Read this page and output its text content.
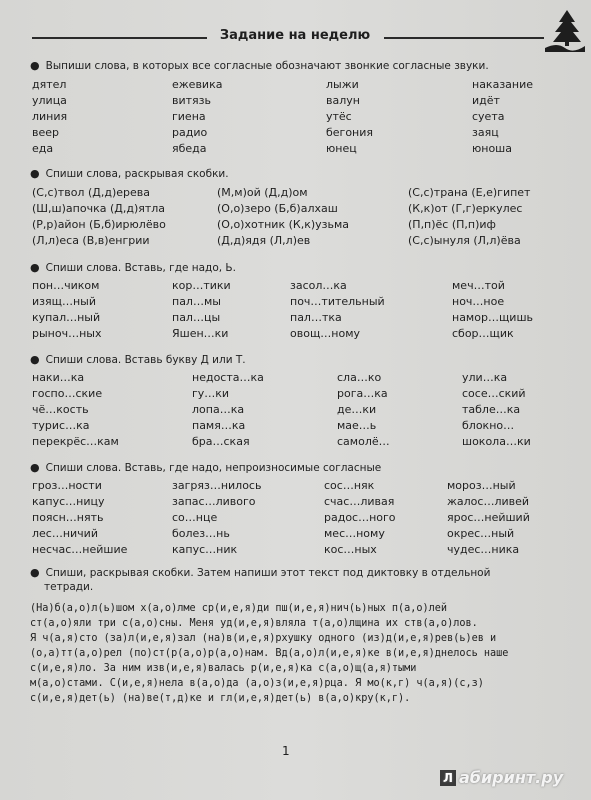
Задание на неделю
● Выпиши слова, в которых все согласные обозначают звонкие согласные звуки.
дятел	ежевика	лыжи	наказание
улица	витязь	валун	идёт
линия	гиена	утёс	суета
веер	радио	бегония	заяц
еда	ябеда	юнец	юноша
● Спиши слова, раскрывая скобки.
(С,с)твол (Д,д)ерева	(М,м)ой (Д,д)ом	(С,с)трана (Е,е)гипет
(Ш,ш)апочка (Д,д)ятла	(О,о)зеро (Б,б)алхаш	(К,к)от (Г,г)еркулес
(Р,р)айон (Б,б)ирюлёво	(О,о)хотник (К,к)узьма	(П,п)ёс (П,п)иф
(Л,л)еса (В,в)енгрии	(Д,д)ядя (Л,л)ев	(С,с)ынуля (Л,л)ёва
● Спиши слова. Вставь, где надо, Ь.
пон…чиком	кор…тики	засол…ка	меч…той
изящ…ный	пал…мы	поч…тительный	ноч…ное
купал…ный	пал…цы	пал…тка	намор…щишь
рыноч…ных	Яшен…ки	овощ…ному	сбор…щик
● Спиши слова. Вставь букву Д или Т.
наки…ка	недоста…ка	сла…ко	ули…ка
госпо…ские	гу…ки	рога…ка	сосе…ский
чё…кость	лопа…ка	де…ки	табле…ка
турис…ка	памя…ка	мае…ь	блокно…
перекрёс…кам	бра…ская	самолё…	шокола…ки
● Спиши слова. Вставь, где надо, непроизносимые согласные
гроз…ности	загряз…нилось	сос…няк	мороз…ный
капус…ницу	запас…ливого	счас…ливая	жалос…ливей
поясн…нять	со…нце	радос…ного	ярос…нейший
лес…ничий	болез…нь	мес…ному	окрес…ный
несчас…нейшие	капус…ник	кос…ных	чудес…ника
● Спиши, раскрывая скобки. Затем напиши этот текст под диктовку в отдельной
тетради.
(На)б(а,о)л(ь)шом х(а,о)лме ср(и,е,я)ди пш(и,е,я)нич(ь)ных п(а,о)лей
ст(а,о)яли три с(а,о)сны. Меня уд(и,е,я)вляла т(а,о)лщина их ств(а,о)лов.
Я ч(а,я)сто (за)л(и,е,я)зал (на)в(и,е,я)рхушку одного (из)д(и,е,я)рев(ь)ев и
(о,а)тт(а,о)рел (по)ст(р(а,о)р(а,о)нам. Вд(а,о)л(и,е,я)ке в(и,е,я)днелось наше
с(и,е,я)ло. За ним изв(и,е,я)валась р(и,е,я)ка с(а,о)щ(а,я)тыми
м(а,о)стами. С(и,е,я)нела в(а,о)да (а,о)з(и,е,я)рца. Я мо(к,г) ч(а,я)(с,з)
с(и,е,я)дет(ь) (на)ве(т,д)ке и гл(и,е,я)дет(ь) в(а,о)кру(к,г).
1
Л абиринт.ру
